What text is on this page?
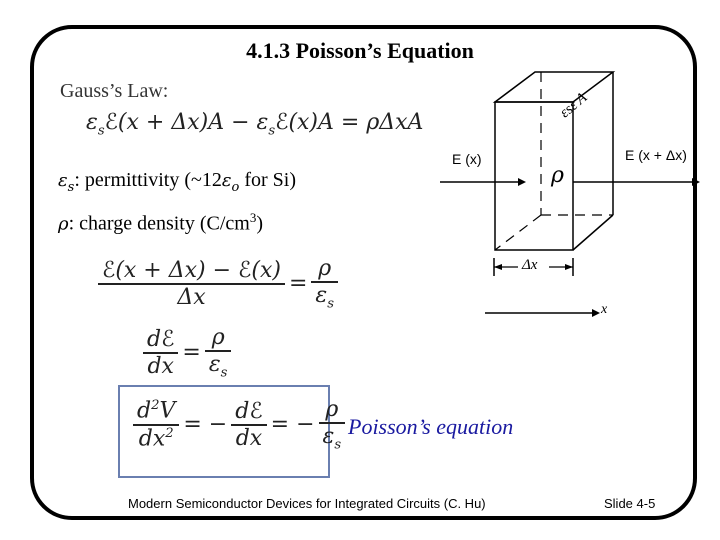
4.1.3 Poisson’s Equation
Gauss’s Law:
$\varepsilon_sℰ(x + \Delta x)A$ − $\varepsilon_sℰ(x)A = \rho\Delta xA$
$\varepsilon_s$: permittivity ($\sim 12\varepsilon_o$ for Si)
ρ: charge density $(C/cm^3)$
$\frac{\text{ℰ(x + Δx) − ℰ(x)}}{\Delta x} = \frac{\rho}{\varepsilon_s}$
$\frac{\text{dℰ}}{dx} = \frac{\rho}{\varepsilon_s}$
$\frac{d^2V}{dx^2}$ = − $\frac{\text{dℰ}}{dx}$ = − $\frac{\rho}{\varepsilon_s}$ Poisson’s equation
εsε A
E (x)	E (x + Δx)
ρ
Δx
x
Modern Semiconductor Devices for Integrated Circuits (C. Hu)	Slide 4-5
